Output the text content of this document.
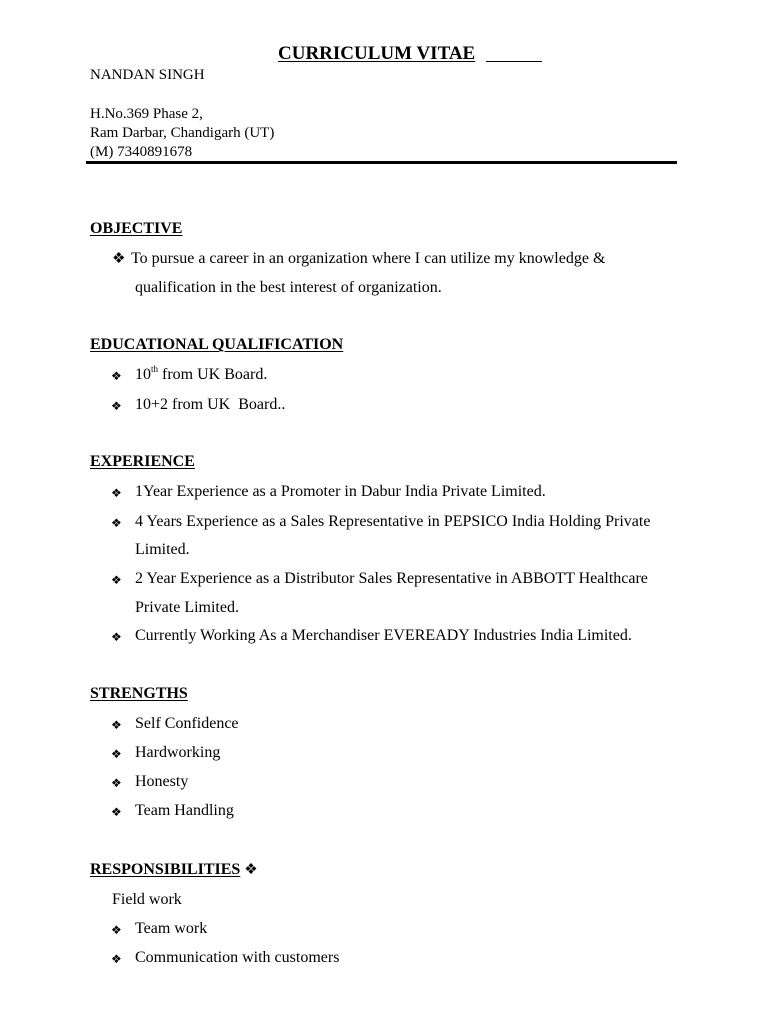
CURRICULUM VITAE
NANDAN SINGH
H.No.369 Phase 2,
Ram Darbar, Chandigarh (UT)
(M) 7340891678
OBJECTIVE
❖ To pursue a career in an organization where I can utilize my knowledge &
qualification in the best interest of organization.
EDUCATIONAL QUALIFICATION
❖ 10th from UK Board.
❖ 10+2 from UK  Board..
EXPERIENCE
❖ 1Year Experience as a Promoter in Dabur India Private Limited.
❖ 4 Years Experience as a Sales Representative in PEPSICO India Holding Private
Limited.
❖ 2 Year Experience as a Distributor Sales Representative in ABBOTT Healthcare
Private Limited.
❖ Currently Working As a Merchandiser EVEREADY Industries India Limited.
STRENGTHS
❖ Self Confidence
❖ Hardworking
❖ Honesty
❖ Team Handling
RESPONSIBILITIES ❖
Field work
❖ Team work
❖ Communication with customers
